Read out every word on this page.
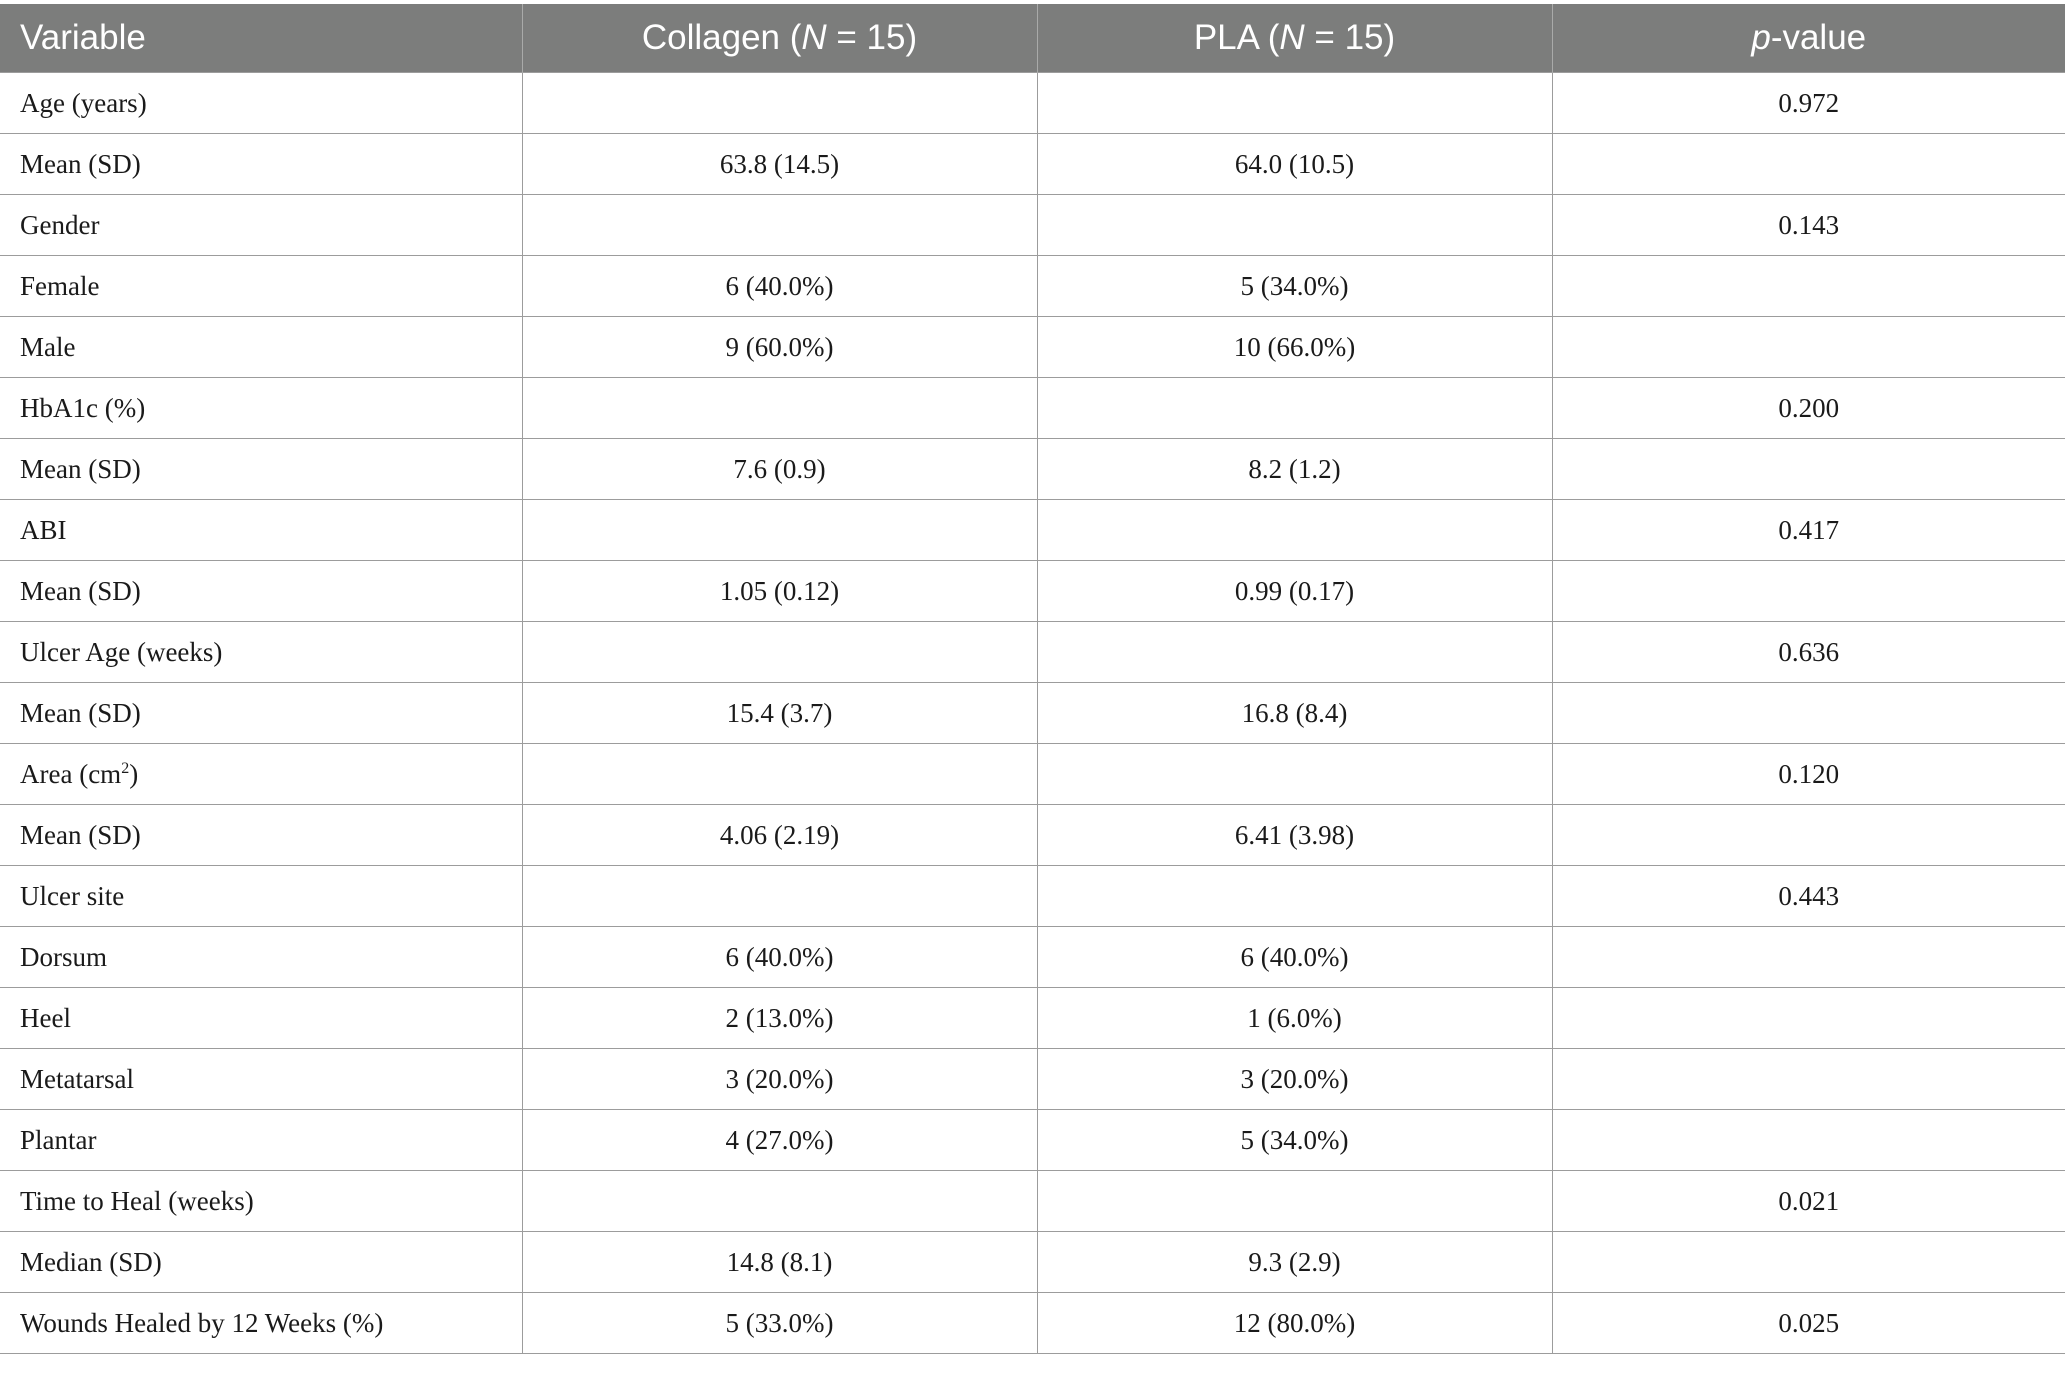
Variable	Collagen (N = 15)	PLA (N = 15)	p-value
Age (years)			0.972
Mean (SD)	63.8 (14.5)	64.0 (10.5)	
Gender			0.143
Female	6 (40.0%)	5 (34.0%)	
Male	9 (60.0%)	10 (66.0%)	
HbA1c (%)			0.200
Mean (SD)	7.6 (0.9)	8.2 (1.2)	
ABI			0.417
Mean (SD)	1.05 (0.12)	0.99 (0.17)	
Ulcer Age (weeks)			0.636
Mean (SD)	15.4 (3.7)	16.8 (8.4)	
Area $(cm^2)$			0.120
Mean (SD)	4.06 (2.19)	6.41 (3.98)	
Ulcer site			0.443
Dorsum	6 (40.0%)	6 (40.0%)	
Heel	2 (13.0%)	1 (6.0%)	
Metatarsal	3 (20.0%)	3 (20.0%)	
Plantar	4 (27.0%)	5 (34.0%)	
Time to Heal (weeks)			0.021
Median (SD)	14.8 (8.1)	9.3 (2.9)	
Wounds Healed by 12 Weeks (%)	5 (33.0%)	12 (80.0%)	0.025
